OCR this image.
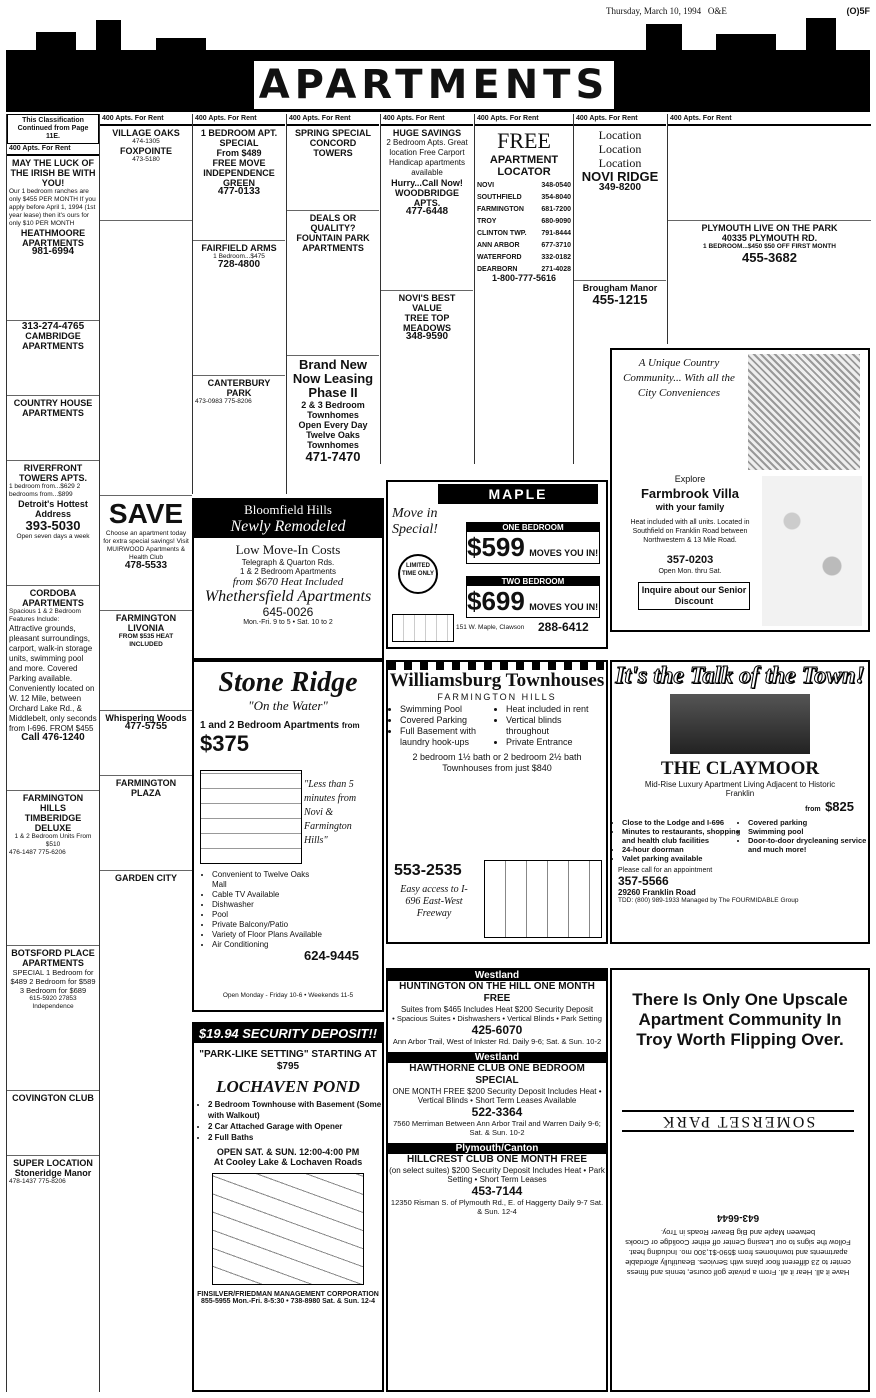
Thursday, March 10, 1994 O&E	(O)5F
APARTMENTS
This Classification Continued from Page 11E.
400 Apts. For Rent
MAY THE LUCK OF THE IRISH BE WITH YOU!

Our 1 bedroom ranches are only $455 PER MONTH If you apply before April 1, 1994 (1st year lease) then it's ours for only $10 PER MONTH

HEATHMOORE APARTMENTS
981-6994
313-274-4765
CAMBRIDGE APARTMENTS
COUNTRY HOUSE APARTMENTS
RIVERFRONT TOWERS APTS.

1 bedroom from...$629 2 bedrooms from...$899

Detroit's Hottest Address
393-5030

Open seven days a week

CORDOBA APARTMENTS

Spacious 1 & 2 Bedroom Features Include:

Attractive grounds, pleasant surroundings, carport, walk-in storage units, swimming pool and more. Covered Parking available. Conveniently located on W. 12 Mile, between Orchard Lake Rd., & Middlebelt, only seconds from I-696. FROM $455

Call 476-1240
FARMINGTON HILLS
TIMBERIDGE DELUXE

1 & 2 Bedroom Units From $510

476-1487 775-6206

BOTSFORD PLACE APARTMENTS

SPECIAL 1 Bedroom for $489 2 Bedroom for $589 3 Bedroom for $689

615-5920 27853 Independence

COVINGTON CLUB
SUPER LOCATION
Stoneridge Manor

478-1437 775-8206

400 Apts. For Rent
VILLAGE OAKS

474-1305

FOXPOINTE

473-5180

SAVE

Choose an apartment today for extra special savings! Visit MUIRWOOD Apartments & Health Club

478-5533
FARMINGTON LIVONIA

FROM $535 HEAT INCLUDED

Whispering Woods
477-5755
FARMINGTON PLAZA
GARDEN CITY
400 Apts. For Rent
1 BEDROOM APT. SPECIAL
From $489
FREE MOVE INDEPENDENCE GREEN
477-0133
FAIRFIELD ARMS

1 Bedroom...$475

728-4800
CANTERBURY PARK

473-0983 775-8206

400 Apts. For Rent
SPRING SPECIAL CONCORD TOWERS
DEALS OR QUALITY?
FOUNTAIN PARK APARTMENTS
Brand New Now Leasing Phase II
2 & 3 Bedroom Townhomes
Open Every Day Twelve Oaks Townhomes
471-7470
400 Apts. For Rent
HUGE SAVINGS

2 Bedroom Apts. Great location Free Carport Handicap apartments available

Hurry...Call Now!
WOODBRIDGE APTS.
477-6448
NOVI'S BEST VALUE
TREE TOP MEADOWS
348-9590
400 Apts. For Rent
FREE
APARTMENT LOCATOR
NOVI	348-0540
SOUTHFIELD	354-8040
FARMINGTON 681-7200
TROY	680-9090
CLINTON TWP. 791-8444
ANN ARBOR	677-3710
WATERFORD	332-0182
DEARBORN	271-4028
1-800-777-5616
400 Apts. For Rent
Location Location Location
NOVI RIDGE
349-8200
Brougham Manor
455-1215
400 Apts. For Rent
PLYMOUTH LIVE ON THE PARK
40335 PLYMOUTH RD.

1 BEDROOM...$450 $50 OFF FIRST MONTH

455-3682
A Unique Country Community... With all the City Conveniences
Explore
Farmbrook Villa
with your family
Heat included with all units. Located in Southfield on Franklin Road between Northwestern & 13 Mile Road.
357-0203
Open Mon. thru Sat.
Inquire about our Senior Discount
MAPLE APARTMENTS
Move in Special!
LIMITED TIME ONLY
ONE BEDROOM
$599 MOVES YOU IN!
TWO BEDROOM
$699 MOVES YOU IN!
151 W. Maple, Clawson	288-6412
Bloomfield Hills
Newly Remodeled
Low Move-In Costs
Telegraph & Quarton Rds.
1 & 2 Bedroom Apartments
from $670 Heat Included
Whethersfield Apartments
645-0026
Mon.-Fri. 9 to 5 • Sat. 10 to 2
Stone Ridge
"On the Water"
1 and 2 Bedroom Apartments from $375
"Less than 5 minutes from Novi & Farmington Hills"
• Convenient to Twelve Oaks Mall
• Cable TV Available
• Dishwasher
• Pool
• Private Balcony/Patio
• Variety of Floor Plans Available
• Air Conditioning
624-9445
Open Monday - Friday 10-6 • Weekends 11-5
Williamsburg Townhouses
FARMINGTON HILLS
• Swimming Pool
• Covered Parking
• Full Basement with laundry hook-ups
• Heat included in rent
• Vertical blinds throughout
• Private Entrance
2 bedroom 1½ bath or 2 bedroom 2½ bath Townhouses from just $840
553-2535
Easy access to I-696 East-West Freeway
It's the Talk of the Town!
THE CLAYMOOR
Mid-Rise Luxury Apartment Living Adjacent to Historic Franklin
from $825
• Close to the Lodge and I-696
• Minutes to restaurants, shopping and health club facilities
• 24-hour doorman
• Valet parking available
• Covered parking
• Swimming pool
• Door-to-door drycleaning service and much more!
Please call for an appointment
357-5566
29260 Franklin Road
TDD: (800) 989-1933 Managed by The FOURMIDABLE Group
$19.94 SECURITY DEPOSIT!!
"PARK-LIKE SETTING" STARTING AT $795
LOCHAVEN POND
• 2 Bedroom Townhouse with Basement (Some with Walkout)
• 2 Car Attached Garage with Opener
• 2 Full Baths
OPEN SAT. & SUN. 12:00-4:00 PM
At Cooley Lake & Lochaven Roads
FINSILVER/FRIEDMAN MANAGEMENT CORPORATION
855-5955 Mon.-Fri. 8-5:30 • 738-8980 Sat. & Sun. 12-4
Westland
HUNTINGTON ON THE HILL ONE MONTH FREE
Suites from $465 Includes Heat $200 Security Deposit
• Spacious Suites • Dishwashers • Vertical Blinds • Park Setting
425-6070
Ann Arbor Trail, West of Inkster Rd. Daily 9-6; Sat. & Sun. 10-2
Westland
HAWTHORNE CLUB ONE BEDROOM SPECIAL
ONE MONTH FREE $200 Security Deposit Includes Heat • Vertical Blinds • Short Term Leases Available
522-3364
7560 Merriman Between Ann Arbor Trail and Warren Daily 9-6; Sat. & Sun. 10-2
Plymouth/Canton
HILLCREST CLUB ONE MONTH FREE
(on select suites) $200 Security Deposit Includes Heat • Park Setting • Short Term Leases
453-7144
12350 Risman S. of Plymouth Rd., E. of Haggerty Daily 9-7 Sat. & Sun. 12-4
There Is Only One Upscale Apartment Community In Troy Worth Flipping Over.
Have it all. Hear it all. From a private golf course, tennis and fitness center to 23 different floor plans with Services. Beautifully affordable apartments and townhomes from $590-$1,300 mo. Including heat. Follow the signs to our Leasing Center off either Coolidge or Crooks between Maple and Big Beaver Roads in Troy.
643-6644
SOMERSET PARK
